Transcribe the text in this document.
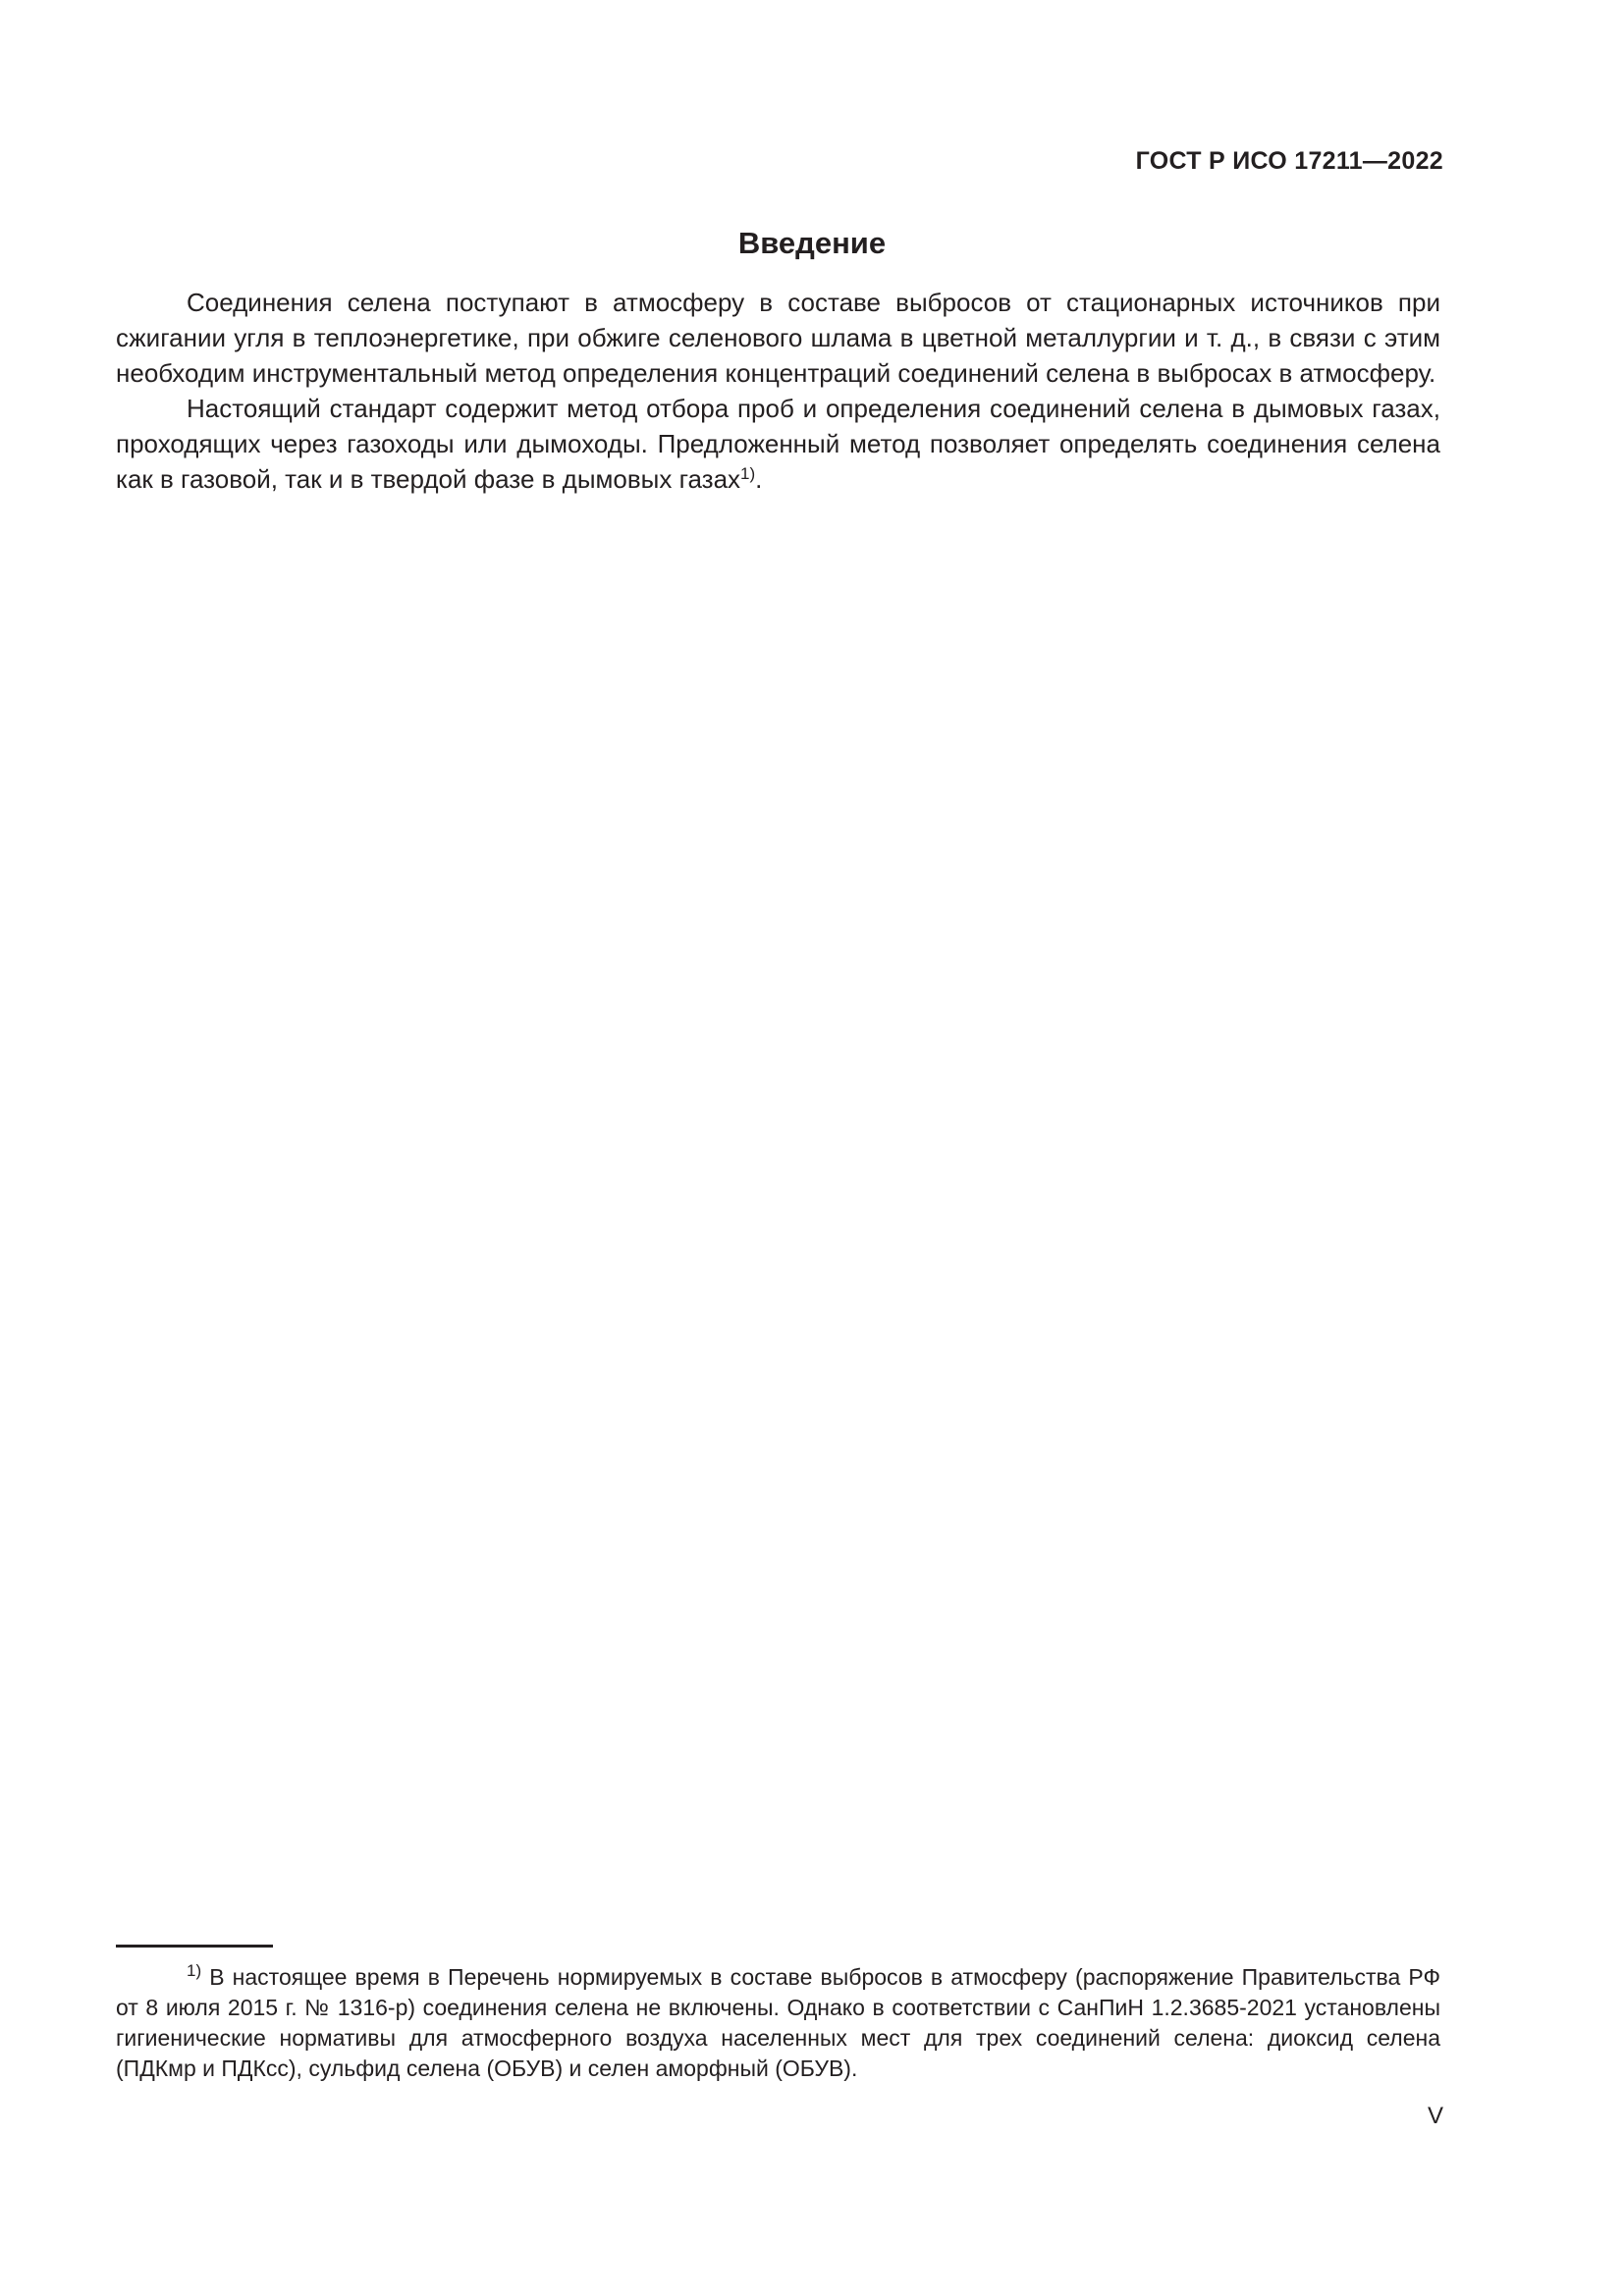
ГОСТ Р ИСО 17211—2022
Введение

Соединения селена поступают в атмосферу в составе выбросов от стационарных источников при сжигании угля в теплоэнергетике, при обжиге селенового шлама в цветной металлургии и т. д., в связи с этим необходим инструментальный метод определения концентраций соединений селена в выбросах в атмосферу.

Настоящий стандарт содержит метод отбора проб и определения соединений селена в дымовых газах, проходящих через газоходы или дымоходы. Предложенный метод позволяет определять соединения селена как в газовой, так и в твердой фазе в дымовых газах$^{1)}$.

$^{1)}$ В настоящее время в Перечень нормируемых в составе выбросов в атмосферу (распоряжение Правительства РФ от 8 июля 2015 г. № 1316-р) соединения селена не включены. Однако в соответствии с СанПиН 1.2.3685-2021 установлены гигиенические нормативы для атмосферного воздуха населенных мест для трех соединений селена: диоксид селена (ПДКмр и ПДКсс), сульфид селена (ОБУВ) и селен аморфный (ОБУВ).

V
